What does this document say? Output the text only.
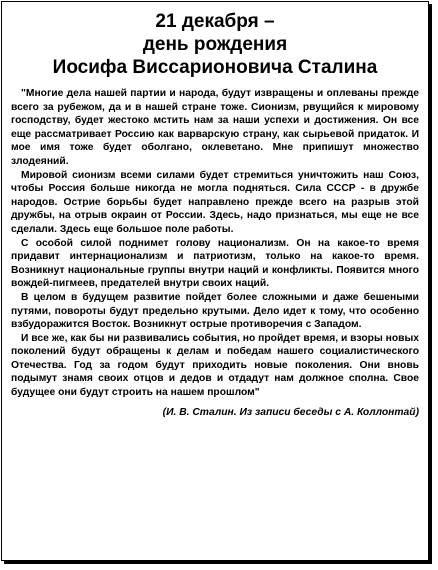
21 декабря –
день рождения
Иосифа Виссарионовича Сталина

"Многие дела нашей партии и народа, будут извращены и оплеваны прежде всего за рубежом, да и в нашей стране тоже. Сионизм, рвущийся к мировому господству, будет жестоко мстить нам за наши успехи и достижения. Он все еще рассматривает Россию как варварскую страну, как сырьевой придаток. И мое имя тоже будет оболгано, оклеветано. Мне припишут множество злодеяний.

Мировой сионизм всеми силами будет стремиться уничтожить наш Союз, чтобы Россия больше никогда не могла подняться. Сила СССР - в дружбе народов. Острие борьбы будет направлено прежде всего на разрыв этой дружбы, на отрыв окраин от России. Здесь, надо признаться, мы еще не все сделали. Здесь еще большое поле работы.

С особой силой поднимет голову национализм. Он на какое-то время придавит интернационализм и патриотизм, только на какое-то время. Возникнут национальные группы внутри наций и конфликты. Появится много вождей-пигмеев, предателей внутри своих наций.

В целом в будущем развитие пойдет более сложными и даже бешеными путями, повороты будут предельно крутыми. Дело идет к тому, что особенно взбудоражится Восток. Возникнут острые противоречия с Западом.

И все же, как бы ни развивались события, но пройдет время, и взоры новых поколений будут обращены к делам и победам нашего социалистического Отечества. Год за годом будут приходить новые поколения. Они вновь подымут знамя своих отцов и дедов и отдадут нам должное сполна. Свое будущее они будут строить на нашем прошлом"

(И. В. Сталин. Из записи беседы с А. Коллонтай)
